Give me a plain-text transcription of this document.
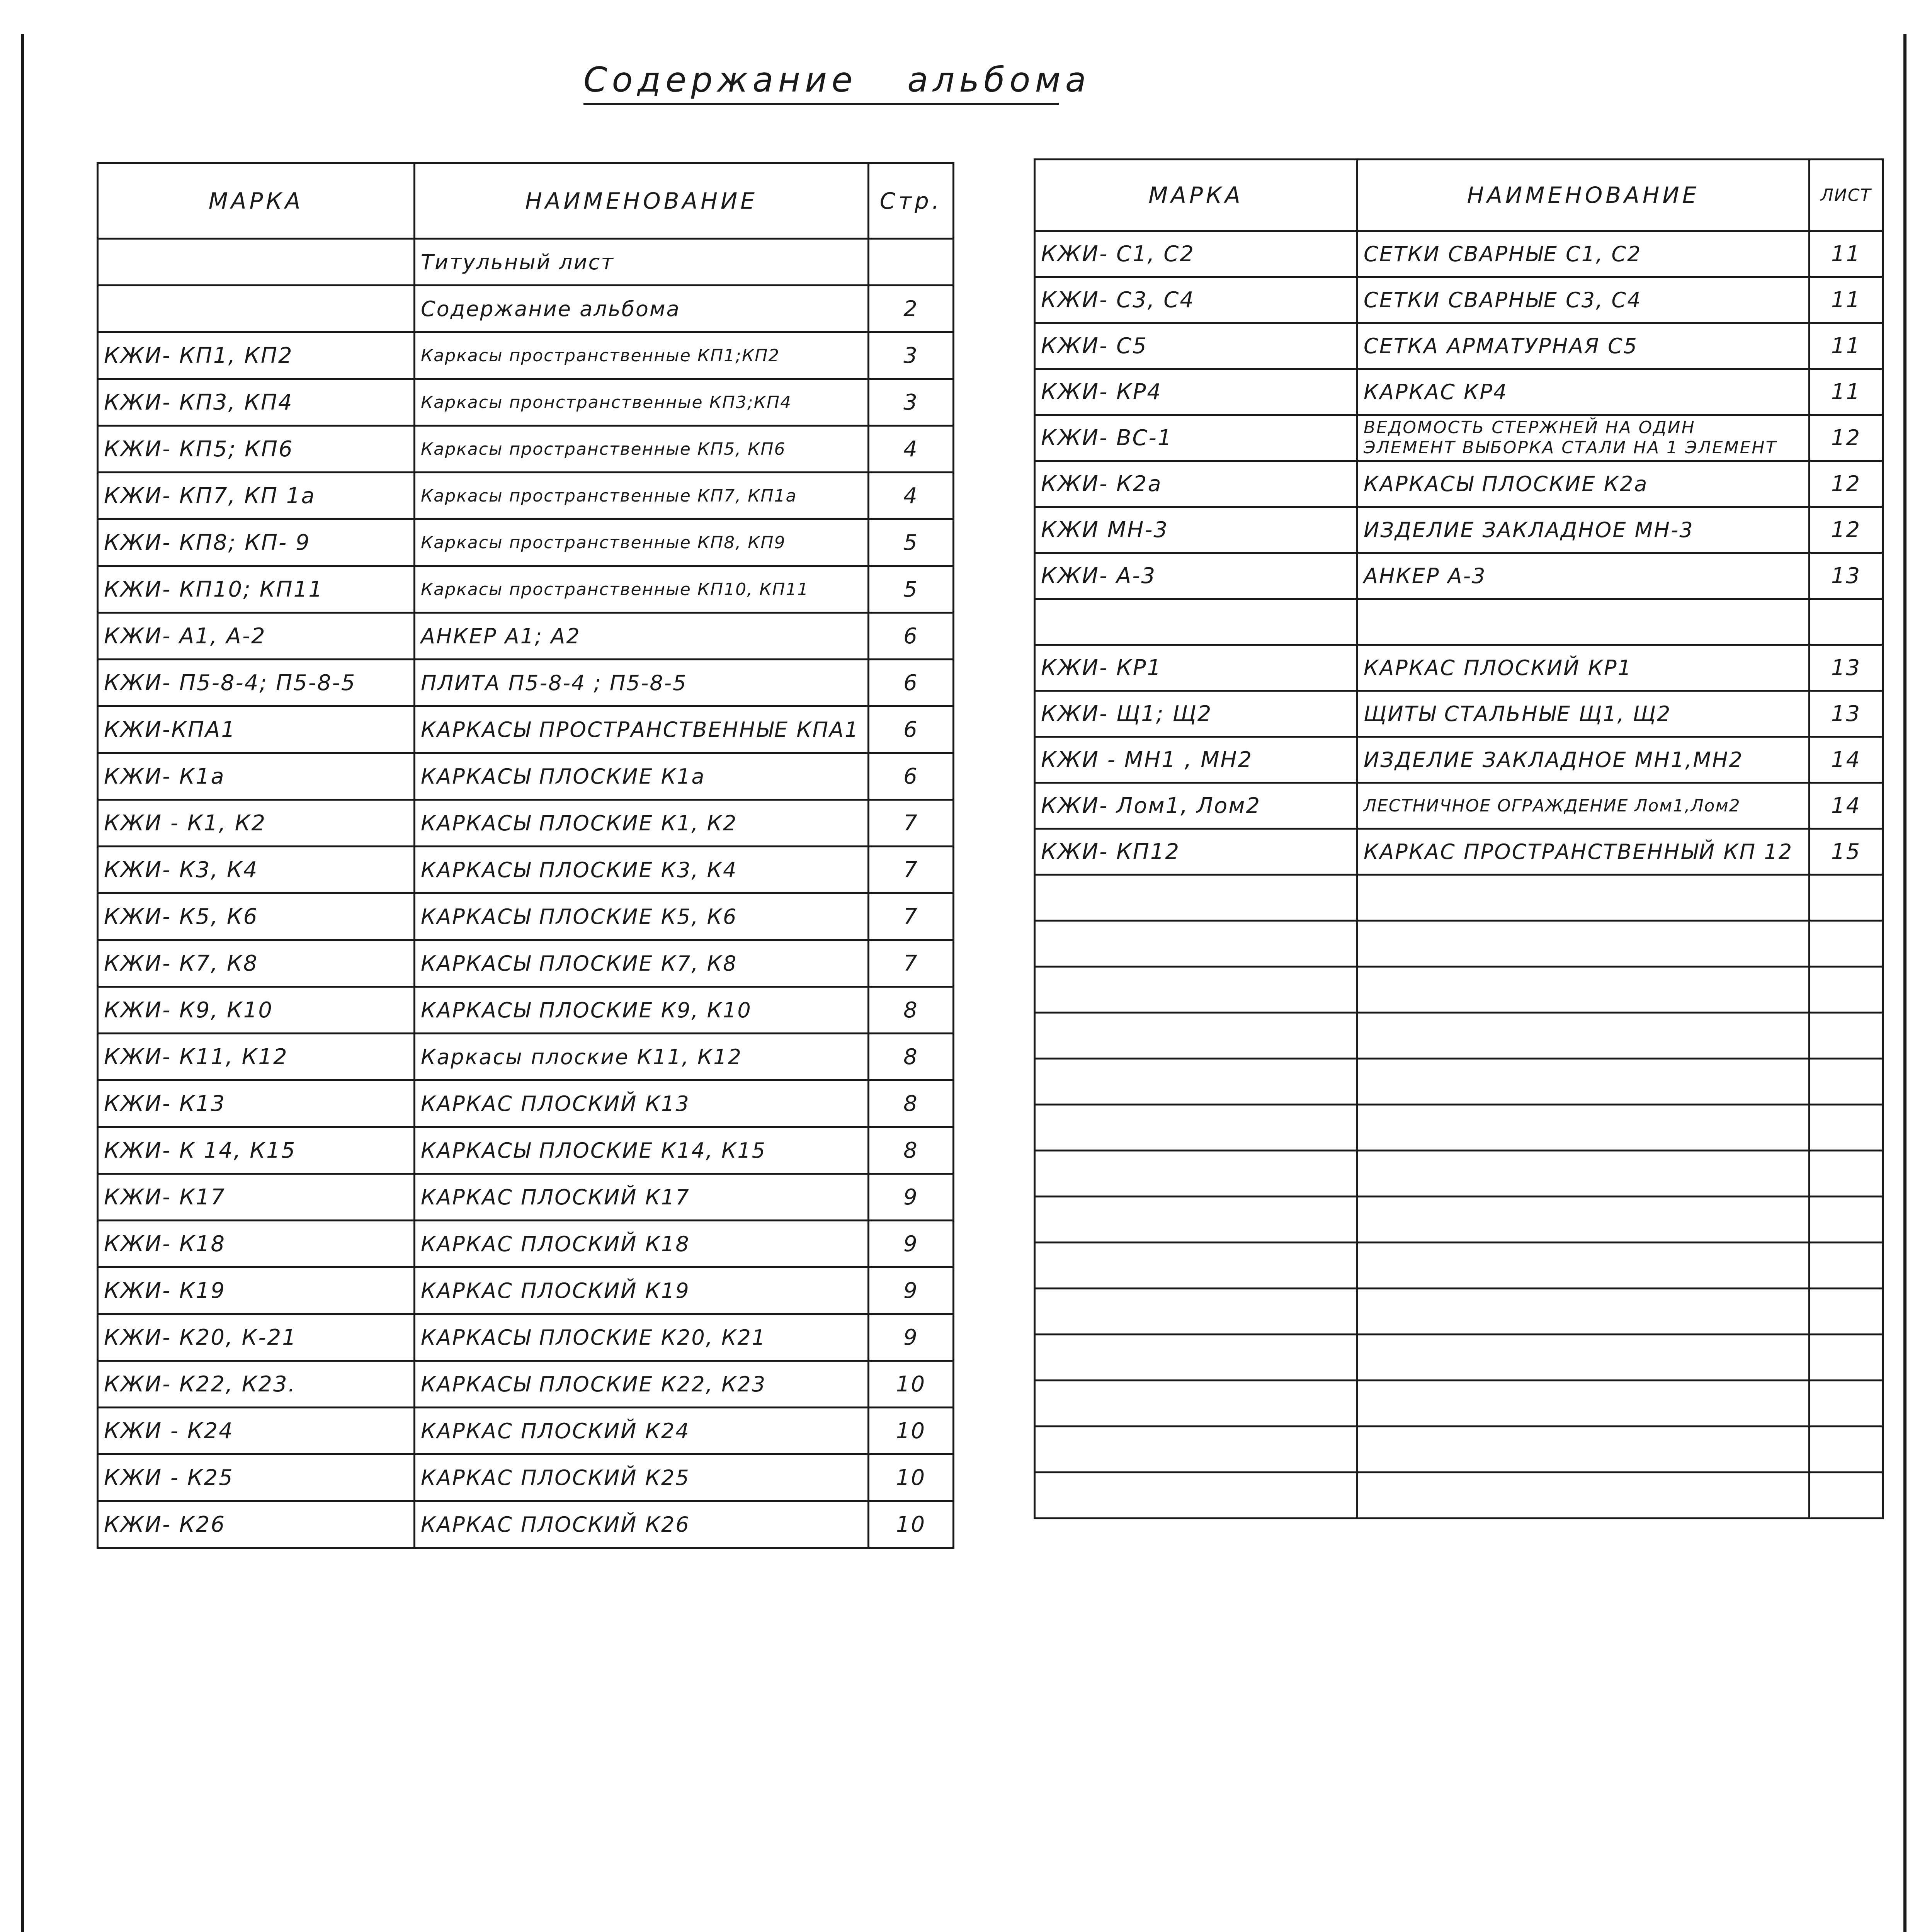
Содержание альбома
МАРКА	НАИМЕНОВАНИЕ	Стр.
	Титульный лист	
	Содержание альбома	2
КЖИ- КП1, КП2	Каркасы пространственные КП1;КП2	3
КЖИ- КП3, КП4	Каркасы пронстранственные КП3;КП4	3
КЖИ- КП5; КП6	Каркасы пространственные КП5, КП6	4
КЖИ- КП7, КП 1а	Каркасы пространственные КП7, КП1а	4
КЖИ- КП8; КП- 9	Каркасы пространственные КП8, КП9	5
КЖИ- КП10; КП11	Каркасы пространственные КП10, КП11	5
КЖИ- А1, А-2	АНКЕР А1; А2	6
КЖИ- П5-8-4; П5-8-5	ПЛИТА П5-8-4 ; П5-8-5	6
КЖИ-КПА1	КАРКАСЫ ПРОСТРАНСТВЕННЫЕ КПА1	6
КЖИ- К1а	КАРКАСЫ ПЛОСКИЕ К1а	6
КЖИ - К1, К2	КАРКАСЫ ПЛОСКИЕ К1, К2	7
КЖИ- К3, К4	КАРКАСЫ ПЛОСКИЕ К3, К4	7
КЖИ- К5, К6	КАРКАСЫ ПЛОСКИЕ К5, К6	7
КЖИ- К7, К8	КАРКАСЫ ПЛОСКИЕ К7, К8	7
КЖИ- К9, К10	КАРКАСЫ ПЛОСКИЕ К9, К10	8
КЖИ- К11, К12	Каркасы плоские К11, К12	8
КЖИ- К13	КАРКАС ПЛОСКИЙ К13	8
КЖИ- К 14, К15	КАРКАСЫ ПЛОСКИЕ К14, К15	8
КЖИ- К17	КАРКАС ПЛОСКИЙ К17	9
КЖИ- К18	КАРКАС ПЛОСКИЙ К18	9
КЖИ- К19	КАРКАС ПЛОСКИЙ К19	9
КЖИ- К20, К-21	КАРКАСЫ ПЛОСКИЕ К20, К21	9
КЖИ- К22, К23.	КАРКАСЫ ПЛОСКИЕ К22, К23	10
КЖИ - К24	КАРКАС ПЛОСКИЙ К24	10
КЖИ - К25	КАРКАС ПЛОСКИЙ К25	10
КЖИ- К26	КАРКАС ПЛОСКИЙ К26	10
МАРКА	НАИМЕНОВАНИЕ	ЛИСТ
КЖИ- С1, С2	СЕТКИ СВАРНЫЕ С1, С2	11
КЖИ- С3, С4	СЕТКИ СВАРНЫЕ С3, С4	11
КЖИ- С5	СЕТКА АРМАТУРНАЯ С5	11
КЖИ- КР4	КАРКАС КР4	11
КЖИ- ВС-1	ВЕДОМОСТЬ СТЕРЖНЕЙ НА ОДИН
ЭЛЕМЕНТ ВЫБОРКА СТАЛИ НА 1 ЭЛЕМЕНТ	12
КЖИ- К2а	КАРКАСЫ ПЛОСКИЕ К2а	12
КЖИ МН-3	ИЗДЕЛИЕ ЗАКЛАДНОЕ МН-3	12
КЖИ- А-3	АНКЕР А-3	13

КЖИ- КР1	КАРКАС ПЛОСКИЙ КР1	13
КЖИ- Щ1; Щ2	ЩИТЫ СТАЛЬНЫЕ Щ1, Щ2	13
КЖИ - МН1 , МН2	ИЗДЕЛИЕ ЗАКЛАДНОЕ МН1,МН2	14
КЖИ- Лом1, Лом2	ЛЕСТНИЧНОЕ ОГРАЖДЕНИЕ Лом1,Лом2	14
КЖИ- КП12	КАРКАС ПРОСТРАНСТВЕННЫЙ КП 12	15
